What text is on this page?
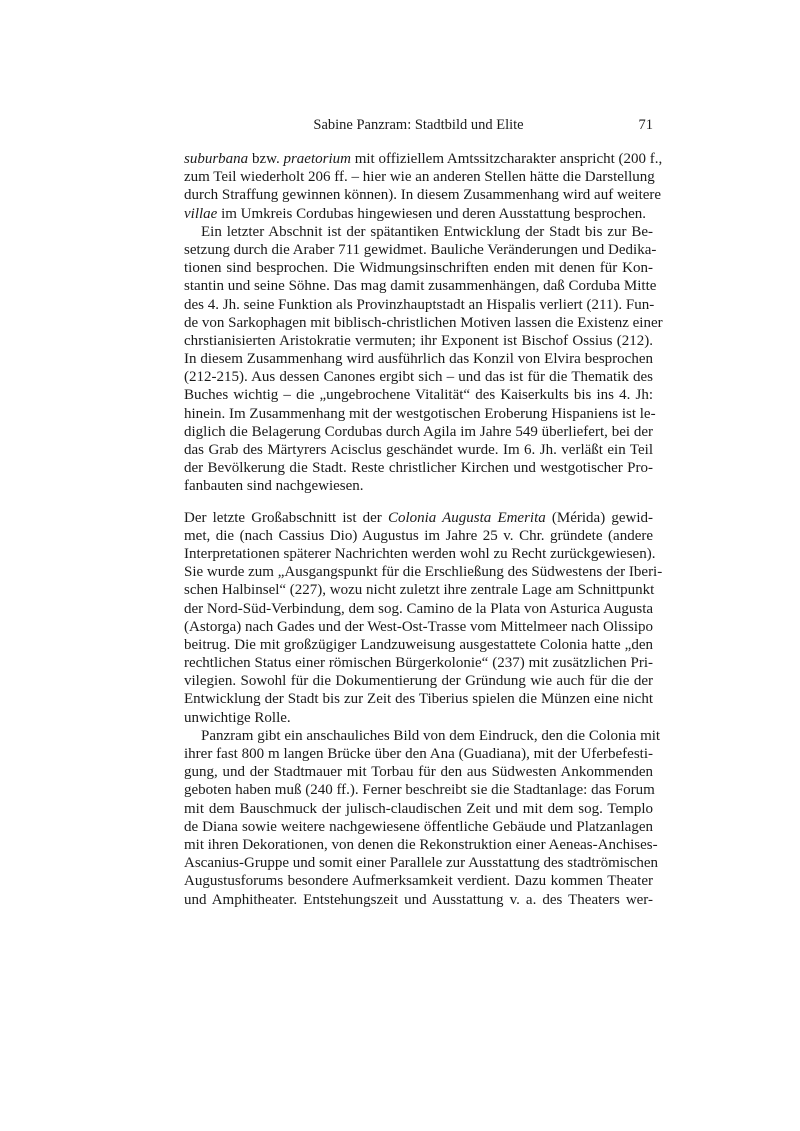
Sabine Panzram: Stadtbild und Elite	71
suburbana bzw. praetorium mit offiziellem Amtssitzcharakter anspricht (200 f.,
zum Teil wiederholt 206 ff. – hier wie an anderen Stellen hätte die Darstellung
durch Straffung gewinnen können). In diesem Zusammenhang wird auf weitere
villae im Umkreis Cordubas hingewiesen und deren Ausstattung besprochen.
Ein letzter Abschnit ist der spätantiken Entwicklung der Stadt bis zur Be-
setzung durch die Araber 711 gewidmet. Bauliche Veränderungen und Dedika-
tionen sind besprochen. Die Widmungsinschriften enden mit denen für Kon-
stantin und seine Söhne. Das mag damit zusammenhängen, daß Corduba Mitte
des 4. Jh. seine Funktion als Provinzhauptstadt an Hispalis verliert (211). Fun-
de von Sarkophagen mit biblisch-christlichen Motiven lassen die Existenz einer
chrstianisierten Aristokratie vermuten; ihr Exponent ist Bischof Ossius (212).
In diesem Zusammenhang wird ausführlich das Konzil von Elvira besprochen
(212-215). Aus dessen Canones ergibt sich – und das ist für die Thematik des
Buches wichtig – die „ungebrochene Vitalität“ des Kaiserkults bis ins 4. Jh:
hinein. Im Zusammenhang mit der westgotischen Eroberung Hispaniens ist le-
diglich die Belagerung Cordubas durch Agila im Jahre 549 überliefert, bei der
das Grab des Märtyrers Acisclus geschändet wurde. Im 6. Jh. verläßt ein Teil
der Bevölkerung die Stadt. Reste christlicher Kirchen und westgotischer Pro-
fanbauten sind nachgewiesen.
Der letzte Großabschnitt ist der Colonia Augusta Emerita (Mérida) gewid-
met, die (nach Cassius Dio) Augustus im Jahre 25 v. Chr. gründete (andere
Interpretationen späterer Nachrichten werden wohl zu Recht zurückgewiesen).
Sie wurde zum „Ausgangspunkt für die Erschließung des Südwestens der Iberi-
schen Halbinsel“ (227), wozu nicht zuletzt ihre zentrale Lage am Schnittpunkt
der Nord-Süd-Verbindung, dem sog. Camino de la Plata von Asturica Augusta
(Astorga) nach Gades und der West-Ost-Trasse vom Mittelmeer nach Olissipo
beitrug. Die mit großzügiger Landzuweisung ausgestattete Colonia hatte „den
rechtlichen Status einer römischen Bürgerkolonie“ (237) mit zusätzlichen Pri-
vilegien. Sowohl für die Dokumentierung der Gründung wie auch für die der
Entwicklung der Stadt bis zur Zeit des Tiberius spielen die Münzen eine nicht
unwichtige Rolle.
Panzram gibt ein anschauliches Bild von dem Eindruck, den die Colonia mit
ihrer fast 800 m langen Brücke über den Ana (Guadiana), mit der Uferbefesti-
gung, und der Stadtmauer mit Torbau für den aus Südwesten Ankommenden
geboten haben muß (240 ff.). Ferner beschreibt sie die Stadtanlage: das Forum
mit dem Bauschmuck der julisch-claudischen Zeit und mit dem sog. Templo
de Diana sowie weitere nachgewiesene öffentliche Gebäude und Platzanlagen
mit ihren Dekorationen, von denen die Rekonstruktion einer Aeneas-Anchises-
Ascanius-Gruppe und somit einer Parallele zur Ausstattung des stadtrömischen
Augustusforums besondere Aufmerksamkeit verdient. Dazu kommen Theater
und Amphitheater. Entstehungszeit und Ausstattung v. a. des Theaters wer-
